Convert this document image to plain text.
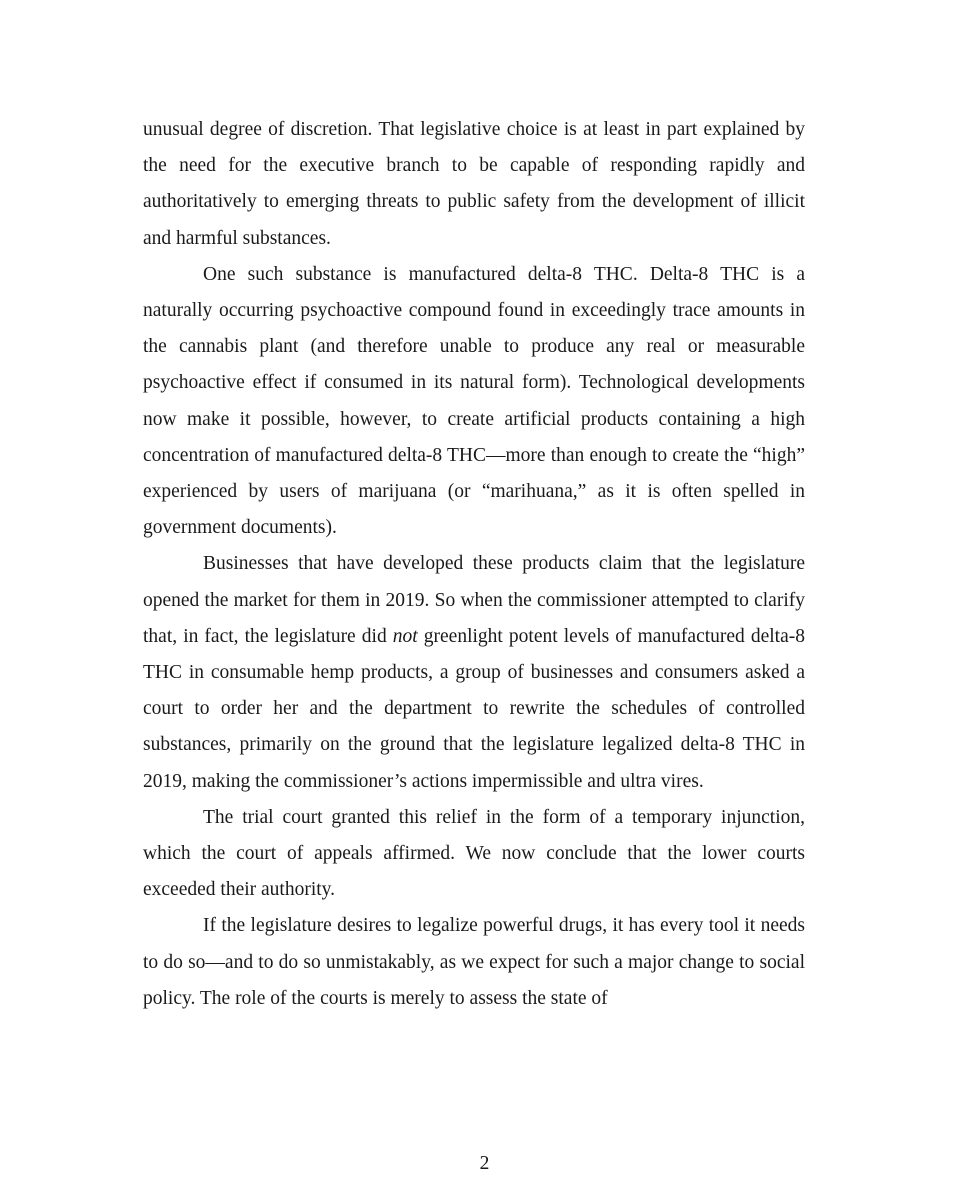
unusual degree of discretion. That legislative choice is at least in part explained by the need for the executive branch to be capable of responding rapidly and authoritatively to emerging threats to public safety from the development of illicit and harmful substances.

One such substance is manufactured delta-8 THC. Delta-8 THC is a naturally occurring psychoactive compound found in exceedingly trace amounts in the cannabis plant (and therefore unable to produce any real or measurable psychoactive effect if consumed in its natural form). Technological developments now make it possible, however, to create artificial products containing a high concentration of manufactured delta-8 THC—more than enough to create the “high” experienced by users of marijuana (or “marihuana,” as it is often spelled in government documents).

Businesses that have developed these products claim that the legislature opened the market for them in 2019. So when the commissioner attempted to clarify that, in fact, the legislature did not greenlight potent levels of manufactured delta-8 THC in consumable hemp products, a group of businesses and consumers asked a court to order her and the department to rewrite the schedules of controlled substances, primarily on the ground that the legislature legalized delta-8 THC in 2019, making the commissioner’s actions impermissible and ultra vires.

The trial court granted this relief in the form of a temporary injunction, which the court of appeals affirmed. We now conclude that the lower courts exceeded their authority.

If the legislature desires to legalize powerful drugs, it has every tool it needs to do so—and to do so unmistakably, as we expect for such a major change to social policy. The role of the courts is merely to assess the state of

2
